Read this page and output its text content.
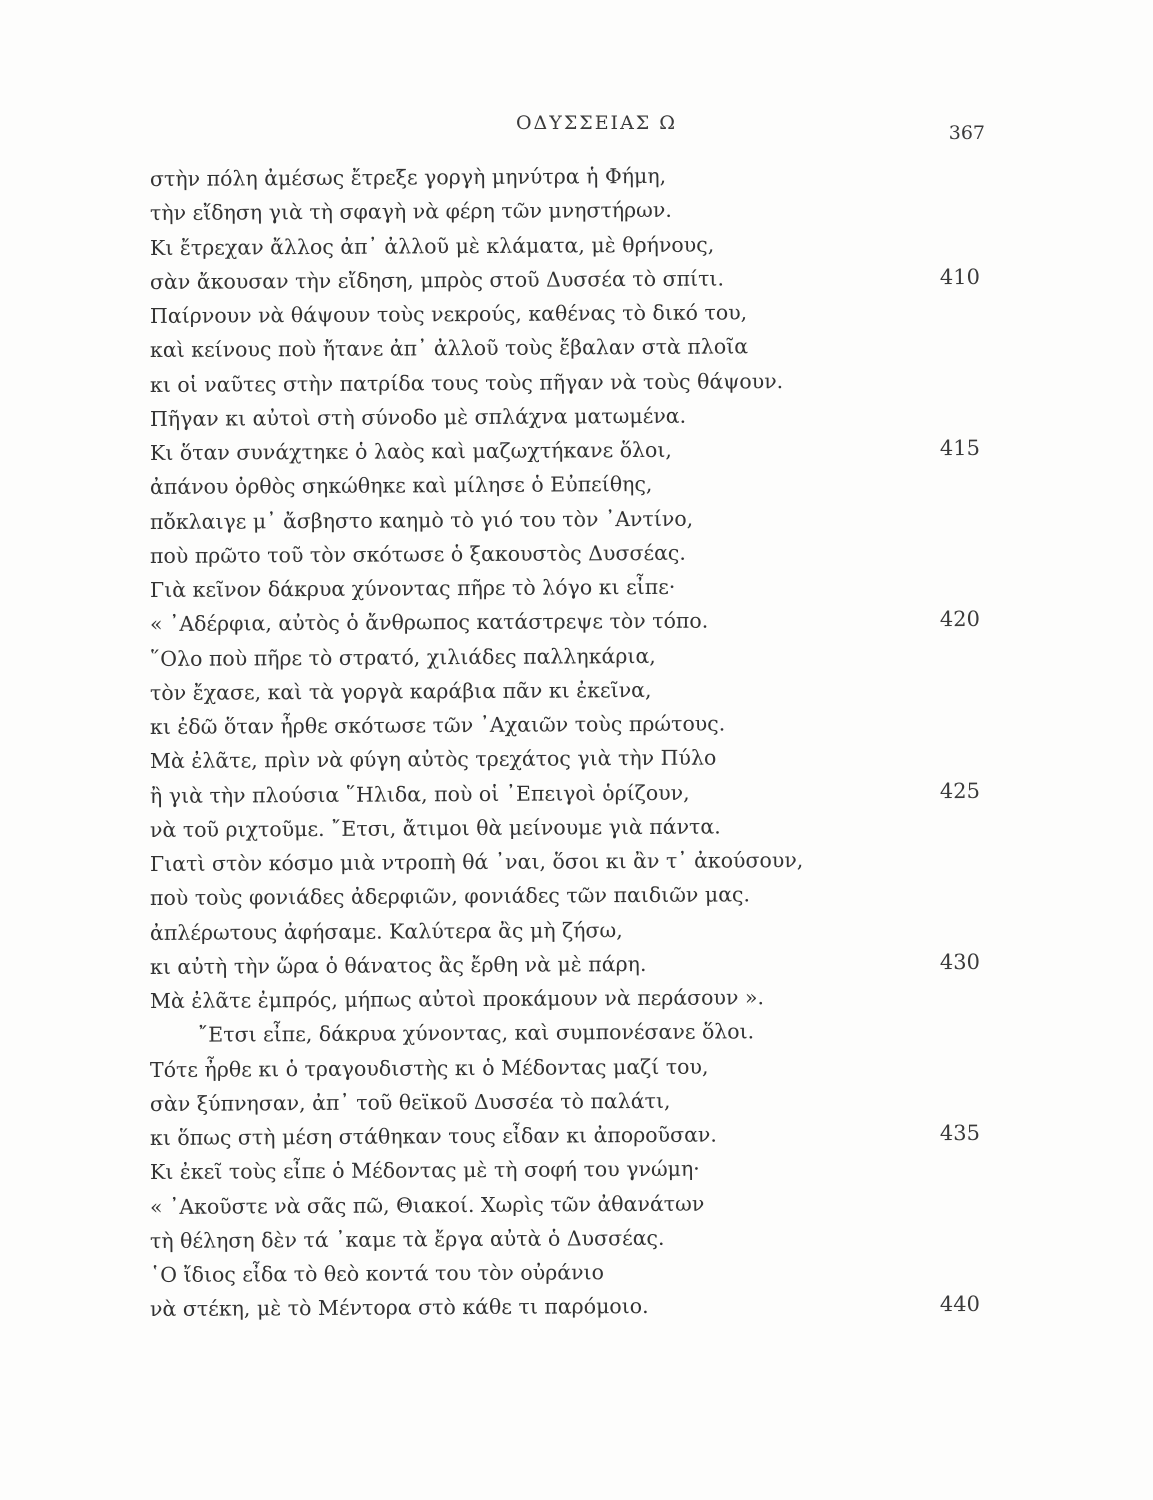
ΟΔΥΣΣΕΙΑΣ Ω	367
στὴν πόλη ἀμέσως ἔτρεξε γοργὴ μηνύτρα ἡ Φήμη,
τὴν εἴδηση γιὰ τὴ σφαγὴ νὰ φέρη τῶν μνηστήρων.
Κι ἔτρεχαν ἄλλος ἀπ᾿ ἀλλοῦ μὲ κλάματα, μὲ θρήνους,
σὰν ἄκουσαν τὴν εἴδηση, μπρὸς στοῦ Δυσσέα τὸ σπίτι.	410
Παίρνουν νὰ θάψουν τοὺς νεκρούς, καθένας τὸ δικό του,
καὶ κείνους ποὺ ἤτανε ἀπ᾿ ἀλλοῦ τοὺς ἔβαλαν στὰ πλοῖα
κι οἱ ναῦτες στὴν πατρίδα τους τοὺς πῆγαν νὰ τοὺς θάψουν.
Πῆγαν κι αὐτοὶ στὴ σύνοδο μὲ σπλάχνα ματωμένα.
Κι ὅταν συνάχτηκε ὁ λαὸς καὶ μαζωχτήκανε ὅλοι,	415
ἀπάνου ὀρθὸς σηκώθηκε καὶ μίλησε ὁ Εὐπείθης,
πὄκλαιγε μ᾿ ἄσβηστο καημὸ τὸ γιό του τὸν ᾿Αντίνο,
ποὺ πρῶτο τοῦ τὸν σκότωσε ὁ ξακουστὸς Δυσσέας.
Γιὰ κεῖνον δάκρυα χύνοντας πῆρε τὸ λόγο κι εἶπε·
« ᾿Αδέρφια, αὐτὸς ὁ ἄνθρωπος κατάστρεψε τὸν τόπο.	420
῞Ολο ποὺ πῆρε τὸ στρατό, χιλιάδες παλληκάρια,
τὸν ἔχασε, καὶ τὰ γοργὰ καράβια πᾶν κι ἐκεῖνα,
κι ἐδῶ ὅταν ἦρθε σκότωσε τῶν ᾿Αχαιῶν τοὺς πρώτους.
Μὰ ἐλᾶτε, πρὶν νὰ φύγη αὐτὸς τρεχάτος γιὰ τὴν Πύλο
ἢ γιὰ τὴν πλούσια ῞Ηλιδα, ποὺ οἱ ᾿Επειγοὶ ὁρίζουν,	425
νὰ τοῦ ριχτοῦμε. ῎Ετσι, ἄτιμοι θὰ μείνουμε γιὰ πάντα.
Γιατὶ στὸν κόσμο μιὰ ντροπὴ θά ᾿ναι, ὅσοι κι ἂν τ᾿ ἀκούσουν,
ποὺ τοὺς φονιάδες ἀδερφιῶν, φονιάδες τῶν παιδιῶν μας.
ἀπλέρωτους ἀφήσαμε. Καλύτερα ἂς μὴ ζήσω,
κι αὐτὴ τὴν ὥρα ὁ θάνατος ἂς ἔρθη νὰ μὲ πάρη.	430
Μὰ ἐλᾶτε ἐμπρός, μήπως αὐτοὶ προκάμουν νὰ περάσουν ».
῎Ετσι εἶπε, δάκρυα χύνοντας, καὶ συμπονέσανε ὅλοι.
Τότε ἦρθε κι ὁ τραγουδιστὴς κι ὁ Μέδοντας μαζί του,
σὰν ξύπνησαν, ἀπ᾿ τοῦ θεϊκοῦ Δυσσέα τὸ παλάτι,
κι ὅπως στὴ μέση στάθηκαν τους εἶδαν κι ἀποροῦσαν.	435
Κι ἐκεῖ τοὺς εἶπε ὁ Μέδοντας μὲ τὴ σοφή του γνώμη·
« ᾿Ακοῦστε νὰ σᾶς πῶ, Θιακοί. Χωρὶς τῶν ἀθανάτων
τὴ θέληση δὲν τά ᾿καμε τὰ ἔργα αὐτὰ ὁ Δυσσέας.
῾Ο ἴδιος εἶδα τὸ θεὸ κοντά του τὸν οὐράνιο
νὰ στέκη, μὲ τὸ Μέντορα στὸ κάθε τι παρόμοιο.	440
